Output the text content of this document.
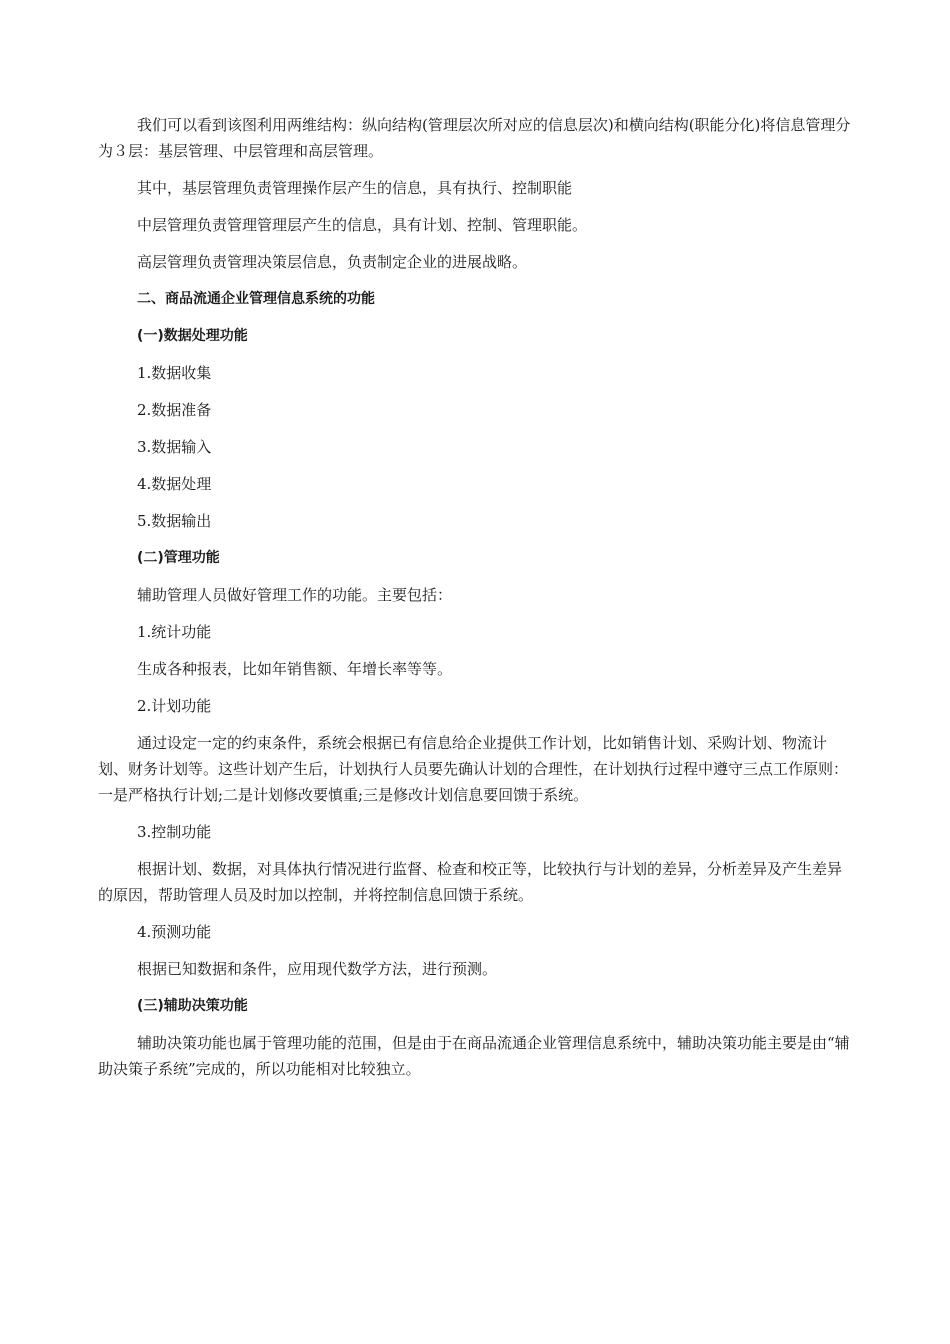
我们可以看到该图利用两维结构：纵向结构(管理层次所对应的信息层次)和横向结构(职能分化)将信息管理分为３层：基层管理、中层管理和高层管理。

其中，基层管理负责管理操作层产生的信息，具有执行、控制职能

中层管理负责管理管理层产生的信息，具有计划、控制、管理职能。

高层管理负责管理决策层信息，负责制定企业的进展战略。

二、商品流通企业管理信息系统的功能

(一)数据处理功能

1.数据收集

2.数据准备

3.数据输入

4.数据处理

5.数据输出

(二)管理功能

辅助管理人员做好管理工作的功能。主要包括：

1.统计功能

生成各种报表，比如年销售额、年增长率等等。

2.计划功能

通过设定一定的约束条件，系统会根据已有信息给企业提供工作计划，比如销售计划、采购计划、物流计划、财务计划等。这些计划产生后，计划执行人员要先确认计划的合理性，在计划执行过程中遵守三点工作原则：一是严格执行计划;二是计划修改要慎重;三是修改计划信息要回馈于系统。

3.控制功能

根据计划、数据，对具体执行情况进行监督、检查和校正等，比较执行与计划的差异，分析差异及产生差异的原因，帮助管理人员及时加以控制，并将控制信息回馈于系统。

4.预测功能

根据已知数据和条件，应用现代数学方法，进行预测。

(三)辅助决策功能

辅助决策功能也属于管理功能的范围，但是由于在商品流通企业管理信息系统中，辅助决策功能主要是由“辅助决策子系统”完成的，所以功能相对比较独立。
